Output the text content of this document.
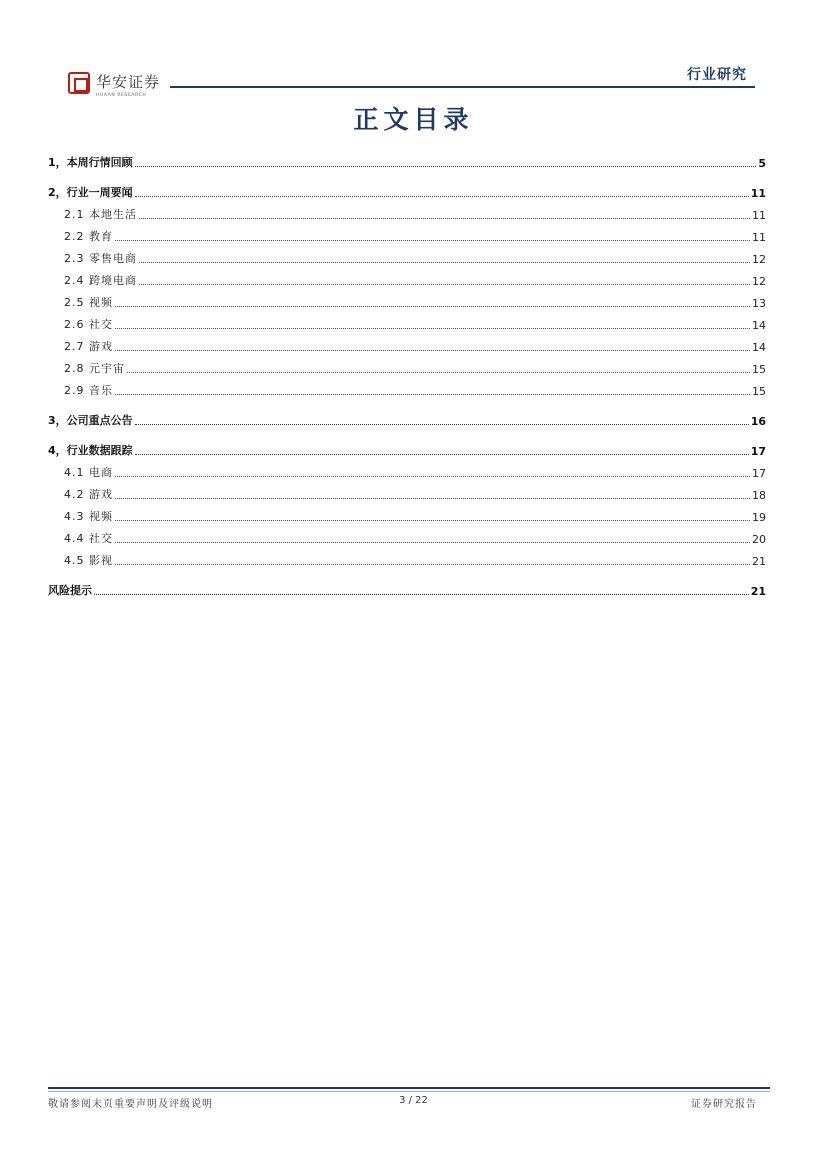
华安证券
HUAAN RESEARCH
行业研究
正文目录
1，本周行情回顾	5
2，行业一周要闻	11
2.1 本地生活	11
2.2 教育	11
2.3 零售电商	12
2.4 跨境电商	12
2.5 视频	13
2.6 社交	14
2.7 游戏	14
2.8 元宇宙	15
2.9 音乐	15
3，公司重点公告	16
4，行业数据跟踪	17
4.1 电商	17
4.2 游戏	18
4.3 视频	19
4.4 社交	20
4.5 影视	21
风险提示	21
敬请参阅末页重要声明及评级说明	3 / 22	证券研究报告
